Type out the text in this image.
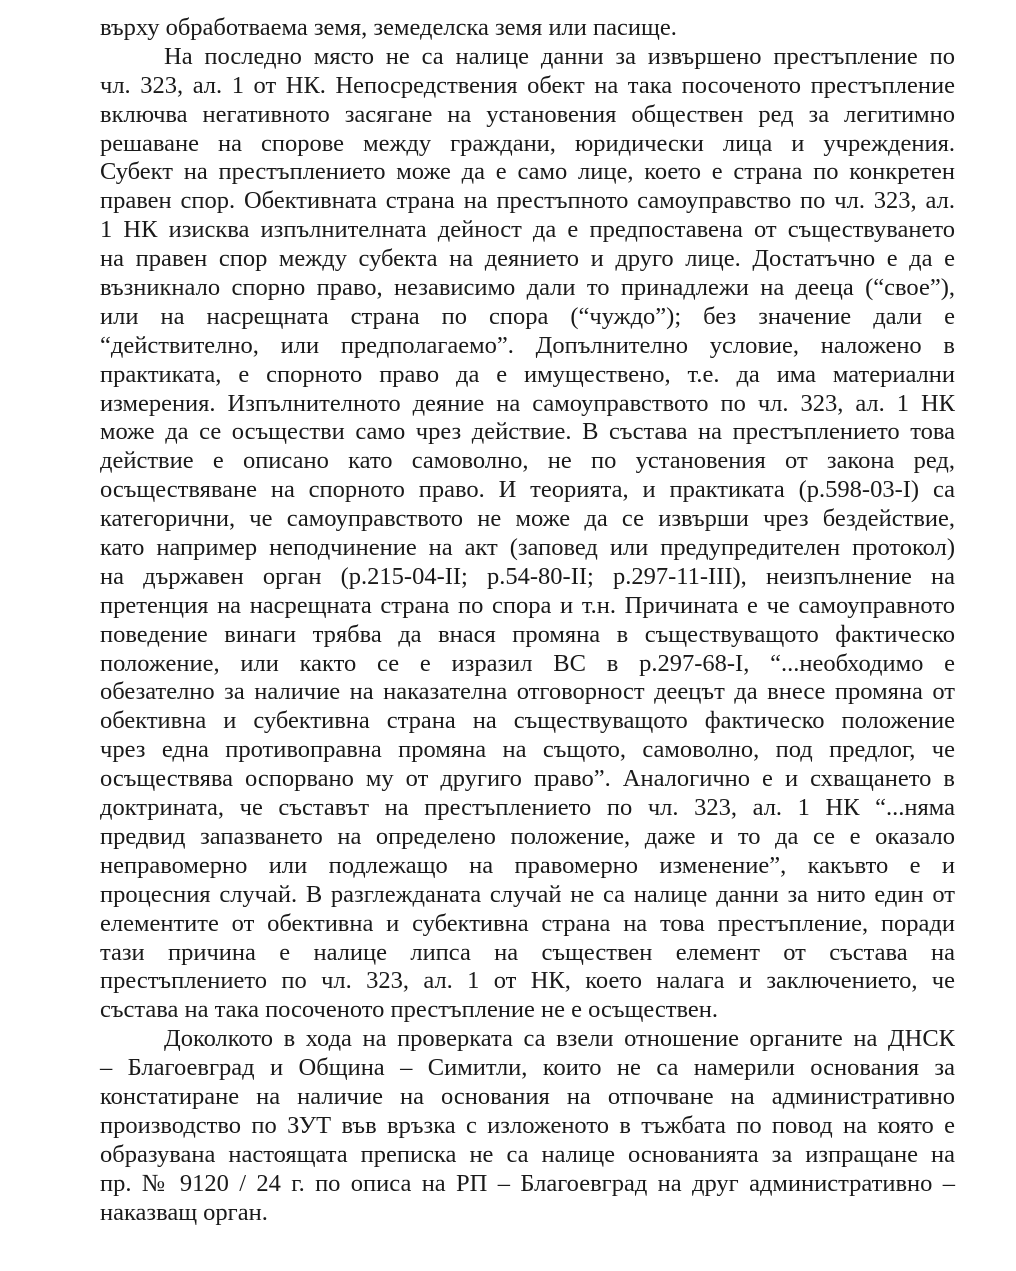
върху обработваема земя, земеделска земя или пасище.
На последно място не са налице данни за извършено престъпление по
чл. 323, ал. 1 от НК. Непосредствения обект на така посоченото престъпление
включва негативното засягане на установения обществен ред за легитимно
решаване на спорове между граждани, юридически лица и учреждения.
Субект на престъплението може да е само лице, което е страна по конкретен
правен спор. Обективната страна на престъпното самоуправство по чл. 323, ал.
1 НК изисква изпълнителната дейност да е предпоставена от съществуването
на правен спор между субекта на деянието и друго лице. Достатъчно е да е
възникнало спорно право, независимо дали то принадлежи на дееца (“свое”),
или на насрещната страна по спора (“чуждо”); без значение дали е
“действително, или предполагаемо”. Допълнително условие, наложено в
практиката, е спорното право да е имуществено, т.е. да има материални
измерения. Изпълнителното деяние на самоуправството по чл. 323, ал. 1 НК
може да се осъществи само чрез действие. В състава на престъплението това
действие е описано като самоволно, не по установения от закона ред,
осъществяване на спорното право. И теорията, и практиката (р.598-03-I) са
категорични, че самоуправството не може да се извърши чрез бездействие,
като например неподчинение на акт (заповед или предупредителен протокол)
на държавен орган (р.215-04-II; р.54-80-II; р.297-11-III), неизпълнение на
претенция на насрещната страна по спора и т.н. Причината е че самоуправното
поведение винаги трябва да внася промяна в съществуващото фактическо
положение, или както се е изразил ВС в р.297-68-I, “...необходимо е
обезателно за наличие на наказателна отговорност деецът да внесе промяна от
обективна и субективна страна на съществуващото фактическо положение
чрез една противоправна промяна на същото, самоволно, под предлог, че
осъществява оспорвано му от другиго право”. Аналогично е и схващането в
доктрината, че съставът на престъплението по чл. 323, ал. 1 НК “...няма
предвид запазването на определено положение, даже и то да се е оказало
неправомерно или подлежащо на правомерно изменение”, какъвто е и
процесния случай. В разглежданата случай не са налице данни за нито един от
елементите от обективна и субективна страна на това престъпление, поради
тази причина е налице липса на съществен елемент от състава на
престъплението по чл. 323, ал. 1 от НК, което налага и заключението, че
състава на така посоченото престъпление не е осъществен.
Доколкото в хода на проверката са взели отношение органите на ДНСК
– Благоевград и Община – Симитли, които не са намерили основания за
констатиране на наличие на основания на отпочване на административно
производство по ЗУТ във връзка с изложеното в тъжбата по повод на която е
образувана настоящата преписка не са налице основанията за изпращане на
пр. № 9120 / 24 г. по описа на РП – Благоевград на друг административно –
наказващ орган.
